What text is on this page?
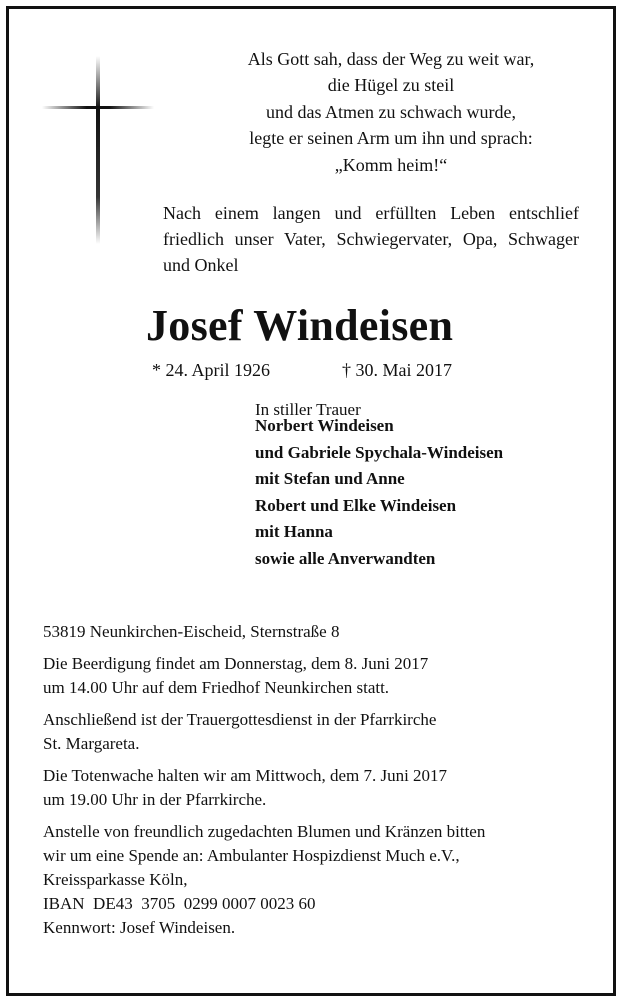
Als Gott sah, dass der Weg zu weit war,
die Hügel zu steil
und das Atmen zu schwach wurde,
legte er seinen Arm um ihn und sprach:
„Komm heim!“
Nach einem langen und erfüllten Leben entschlief friedlich unser Vater, Schwiegervater, Opa, Schwager und Onkel
Josef Windeisen
* 24. April 1926	† 30. Mai 2017
In stiller Trauer
Norbert Windeisen
und Gabriele Spychala-Windeisen
mit Stefan und Anne
Robert und Elke Windeisen
mit Hanna
sowie alle Anverwandten
53819 Neunkirchen-Eischeid, Sternstraße 8
Die Beerdigung findet am Donnerstag, dem 8. Juni 2017
um 14.00 Uhr auf dem Friedhof Neunkirchen statt.
Anschließend ist der Trauergottesdienst in der Pfarrkirche
St. Margareta.
Die Totenwache halten wir am Mittwoch, dem 7. Juni 2017
um 19.00 Uhr in der Pfarrkirche.
Anstelle von freundlich zugedachten Blumen und Kränzen bitten
wir um eine Spende an: Ambulanter Hospizdienst Much e.V.,
Kreissparkasse Köln,
IBAN  DE43  3705  0299 0007 0023 60
Kennwort: Josef Windeisen.
